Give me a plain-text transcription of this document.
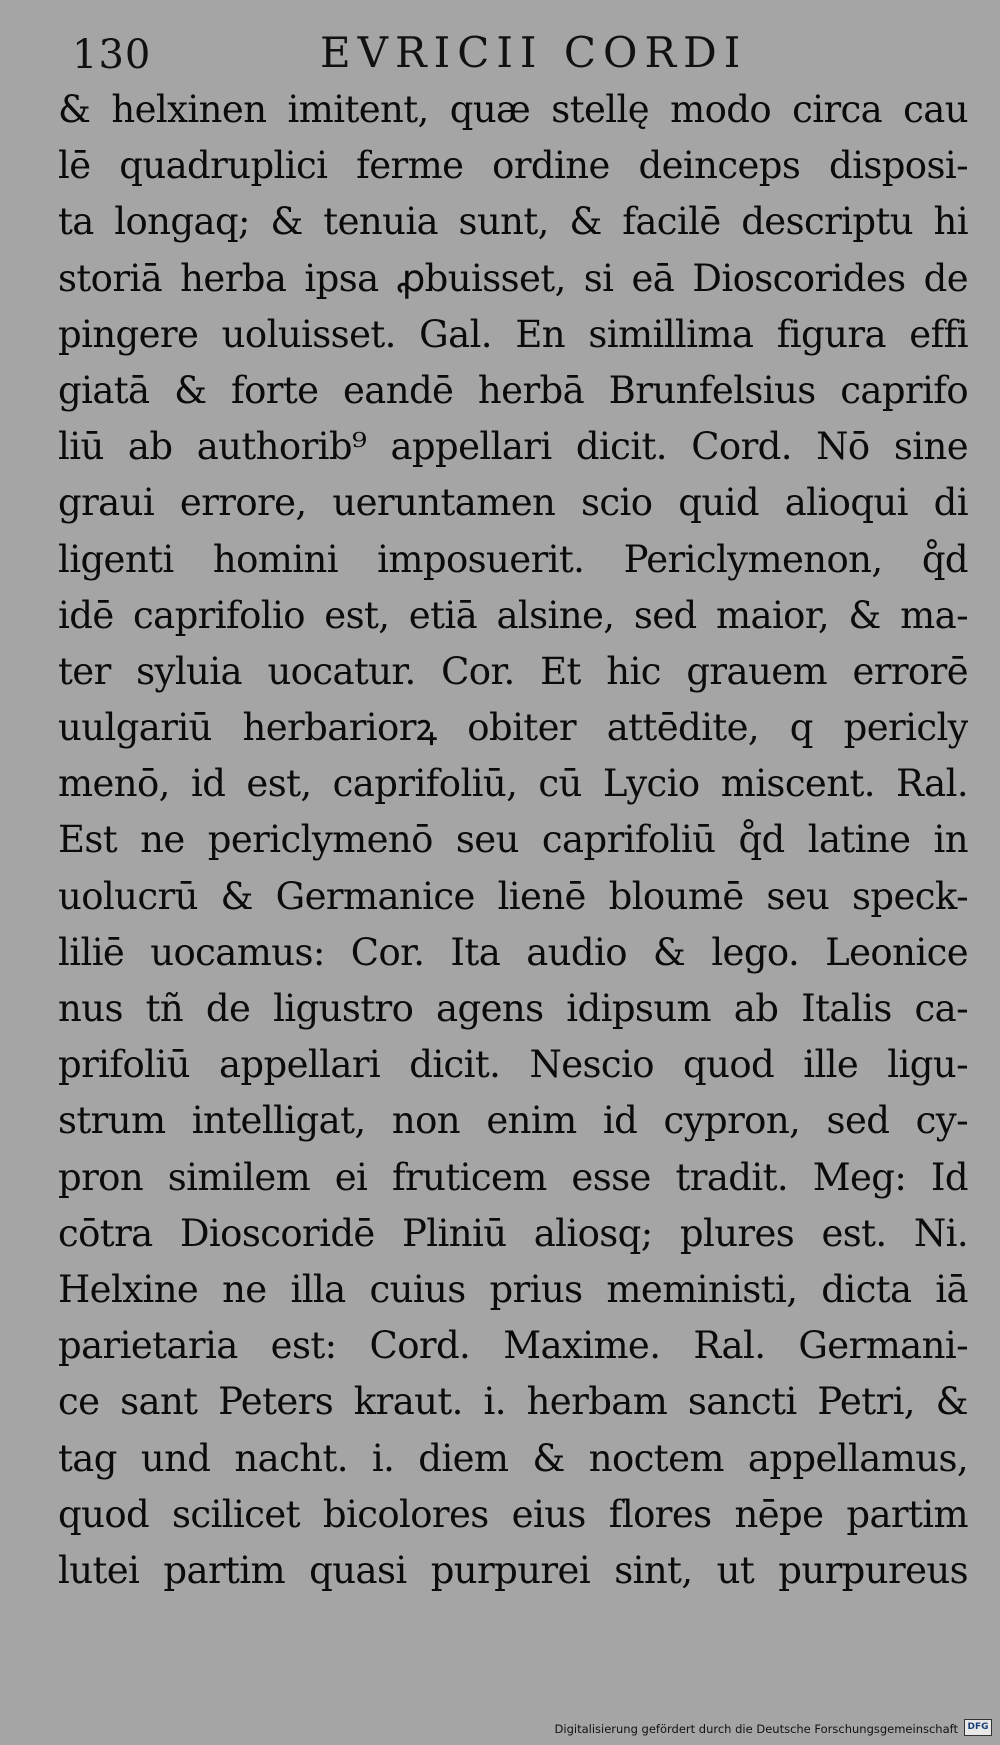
130	EVRICII CORDI
& helxinen imitent, quæ stellę modo circa cau
lē quadruplici ferme ordine deinceps disposi-
ta longaq; & tenuia sunt, & facilē descriptu hi
storiā herba ipsa ꝓbuisset, si eā Dioscorides de
pingere uoluisset. Gal. En simillima figura effi
giatā & forte eandē herbā Brunfelsius caprifo
liū ab authorib⁹ appellari dicit. Cord. Nō sine
graui errore, ueruntamen scio quid alioqui di
ligenti homini imposuerit. Periclymenon, q̊d
idē caprifolio est, etiā alsine, sed maior, & ma-
ter syluia uocatur. Cor. Et hic grauem errorē
uulgariū herbariorꝝ obiter attēdite, q pericly
menō, id est, caprifoliū, cū Lycio miscent. Ral.
Est ne periclymenō seu caprifoliū q̊d latine in
uolucrū & Germanice lienē bloumē seu speck-
liliē uocamus: Cor. Ita audio & lego. Leonice
nus tñ de ligustro agens idipsum ab Italis ca-
prifoliū appellari dicit. Nescio quod ille ligu-
strum intelligat, non enim id cypron, sed cy-
pron similem ei fruticem esse tradit. Meg: Id
cōtra Dioscoridē Pliniū aliosq; plures est. Ni.
Helxine ne illa cuius prius meministi, dicta iā
parietaria est: Cord. Maxime. Ral. Germani-
ce sant Peters kraut. i. herbam sancti Petri, &
tag und nacht. i. diem & noctem appellamus,
quod scilicet bicolores eius flores nēpe partim
lutei partim quasi purpurei sint, ut purpureus
Digitalisierung gefördert durch die Deutsche Forschungsgemeinschaft DFG
